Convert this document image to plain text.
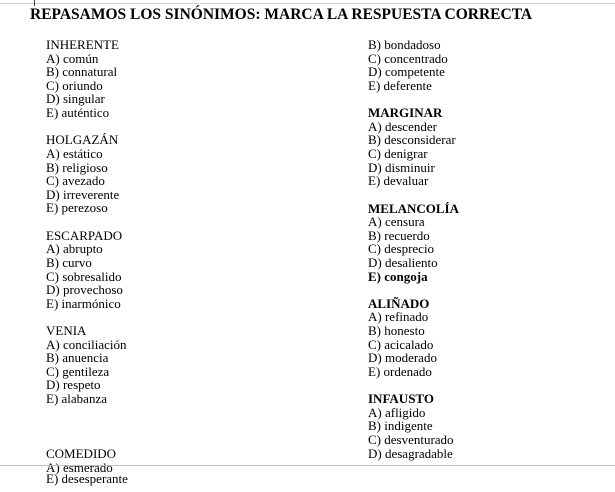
REPASAMOS LOS SINÓNIMOS: MARCA LA RESPUESTA CORRECTA
INHERENTE
A) común
B) connatural
C) oriundo
D) singular
E) auténtico
HOLGAZÁN
A) estático
B) religioso
C) avezado
D) irreverente
E) perezoso
ESCARPADO
A) abrupto
B) curvo
C) sobresalido
D) provechoso
E) inarmónico
VENIA
A) conciliación
B) anuencia
C) gentileza
D) respeto
E) alabanza
COMEDIDO
A) esmerado
B) bondadoso
C) concentrado
D) competente
E) deferente
MARGINAR
A) descender
B) desconsiderar
C) denigrar
D) disminuir
E) devaluar
MELANCOLÍA
A) censura
B) recuerdo
C) desprecio
D) desaliento
E) congoja
ALIÑADO
A) refinado
B) honesto
C) acicalado
D) moderado
E) ordenado
INFAUSTO
A) afligido
B) indigente
C) desventurado
D) desagradable
E) desesperante
